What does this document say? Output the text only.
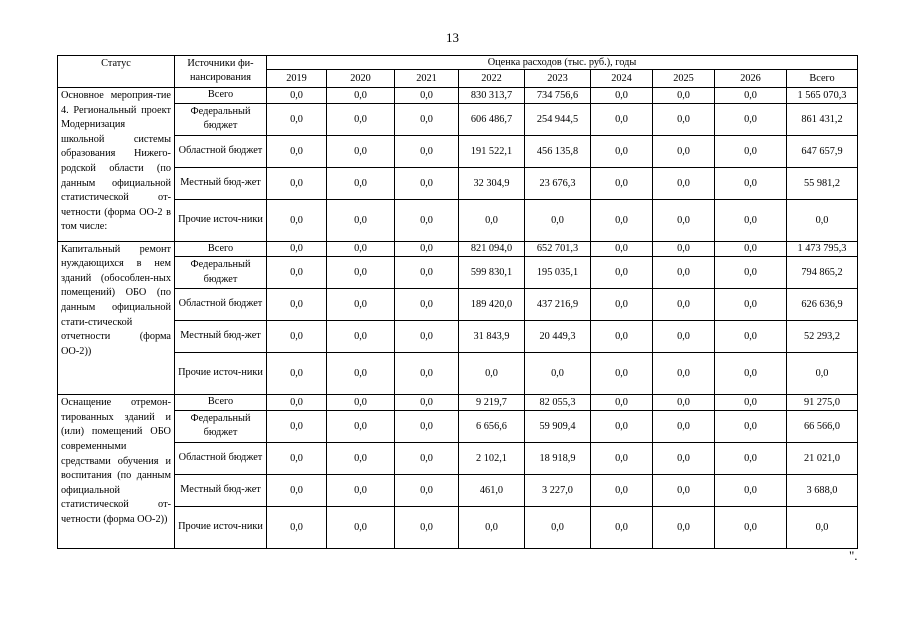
13
Статус	Источники фи-нансирования	Оценка расходов (тыс. руб.), годы								
		2019	2020	2021	2022	2023	2024	2025	2026	Всего
Основное мероприя-тие 4. Региональный проект Модернизация школьной системы образования Нижего-родской области (по данным официальной статистической от-четности (форма ОО-2 в том числе:	Всего	0,0	0,0	0,0	830 313,7	734 756,6	0,0	0,0	0,0	1 565 070,3
	Федеральный бюджет	0,0	0,0	0,0	606 486,7	254 944,5	0,0	0,0	0,0	861 431,2
	Областной бюджет	0,0	0,0	0,0	191 522,1	456 135,8	0,0	0,0	0,0	647 657,9
	Местный бюд-жет	0,0	0,0	0,0	32 304,9	23 676,3	0,0	0,0	0,0	55 981,2
	Прочие источ-ники	0,0	0,0	0,0	0,0	0,0	0,0	0,0	0,0	0,0
Капитальный ремонт нуждающихся в нем зданий (обособлен-ных помещений) ОБО (по данным официальной стати-стической отчетности (форма ОО-2))	Всего	0,0	0,0	0,0	821 094,0	652 701,3	0,0	0,0	0,0	1 473 795,3
	Федеральный бюджет	0,0	0,0	0,0	599 830,1	195 035,1	0,0	0,0	0,0	794 865,2
	Областной бюджет	0,0	0,0	0,0	189 420,0	437 216,9	0,0	0,0	0,0	626 636,9
	Местный бюд-жет	0,0	0,0	0,0	31 843,9	20 449,3	0,0	0,0	0,0	52 293,2
	Прочие источ-ники	0,0	0,0	0,0	0,0	0,0	0,0	0,0	0,0	0,0
Оснащение отремон-тированных зданий и (или) помещений ОБО современными средствами обучения и воспитания (по данным официальной статистической от-четности (форма ОО-2))	Всего	0,0	0,0	0,0	9 219,7	82 055,3	0,0	0,0	0,0	91 275,0
	Федеральный бюджет	0,0	0,0	0,0	6 656,6	59 909,4	0,0	0,0	0,0	66 566,0
	Областной бюджет	0,0	0,0	0,0	2 102,1	18 918,9	0,0	0,0	0,0	21 021,0
	Местный бюд-жет	0,0	0,0	0,0	461,0	3 227,0	0,0	0,0	0,0	3 688,0
	Прочие источ-ники	0,0	0,0	0,0	0,0	0,0	0,0	0,0	0,0	0,0
".
